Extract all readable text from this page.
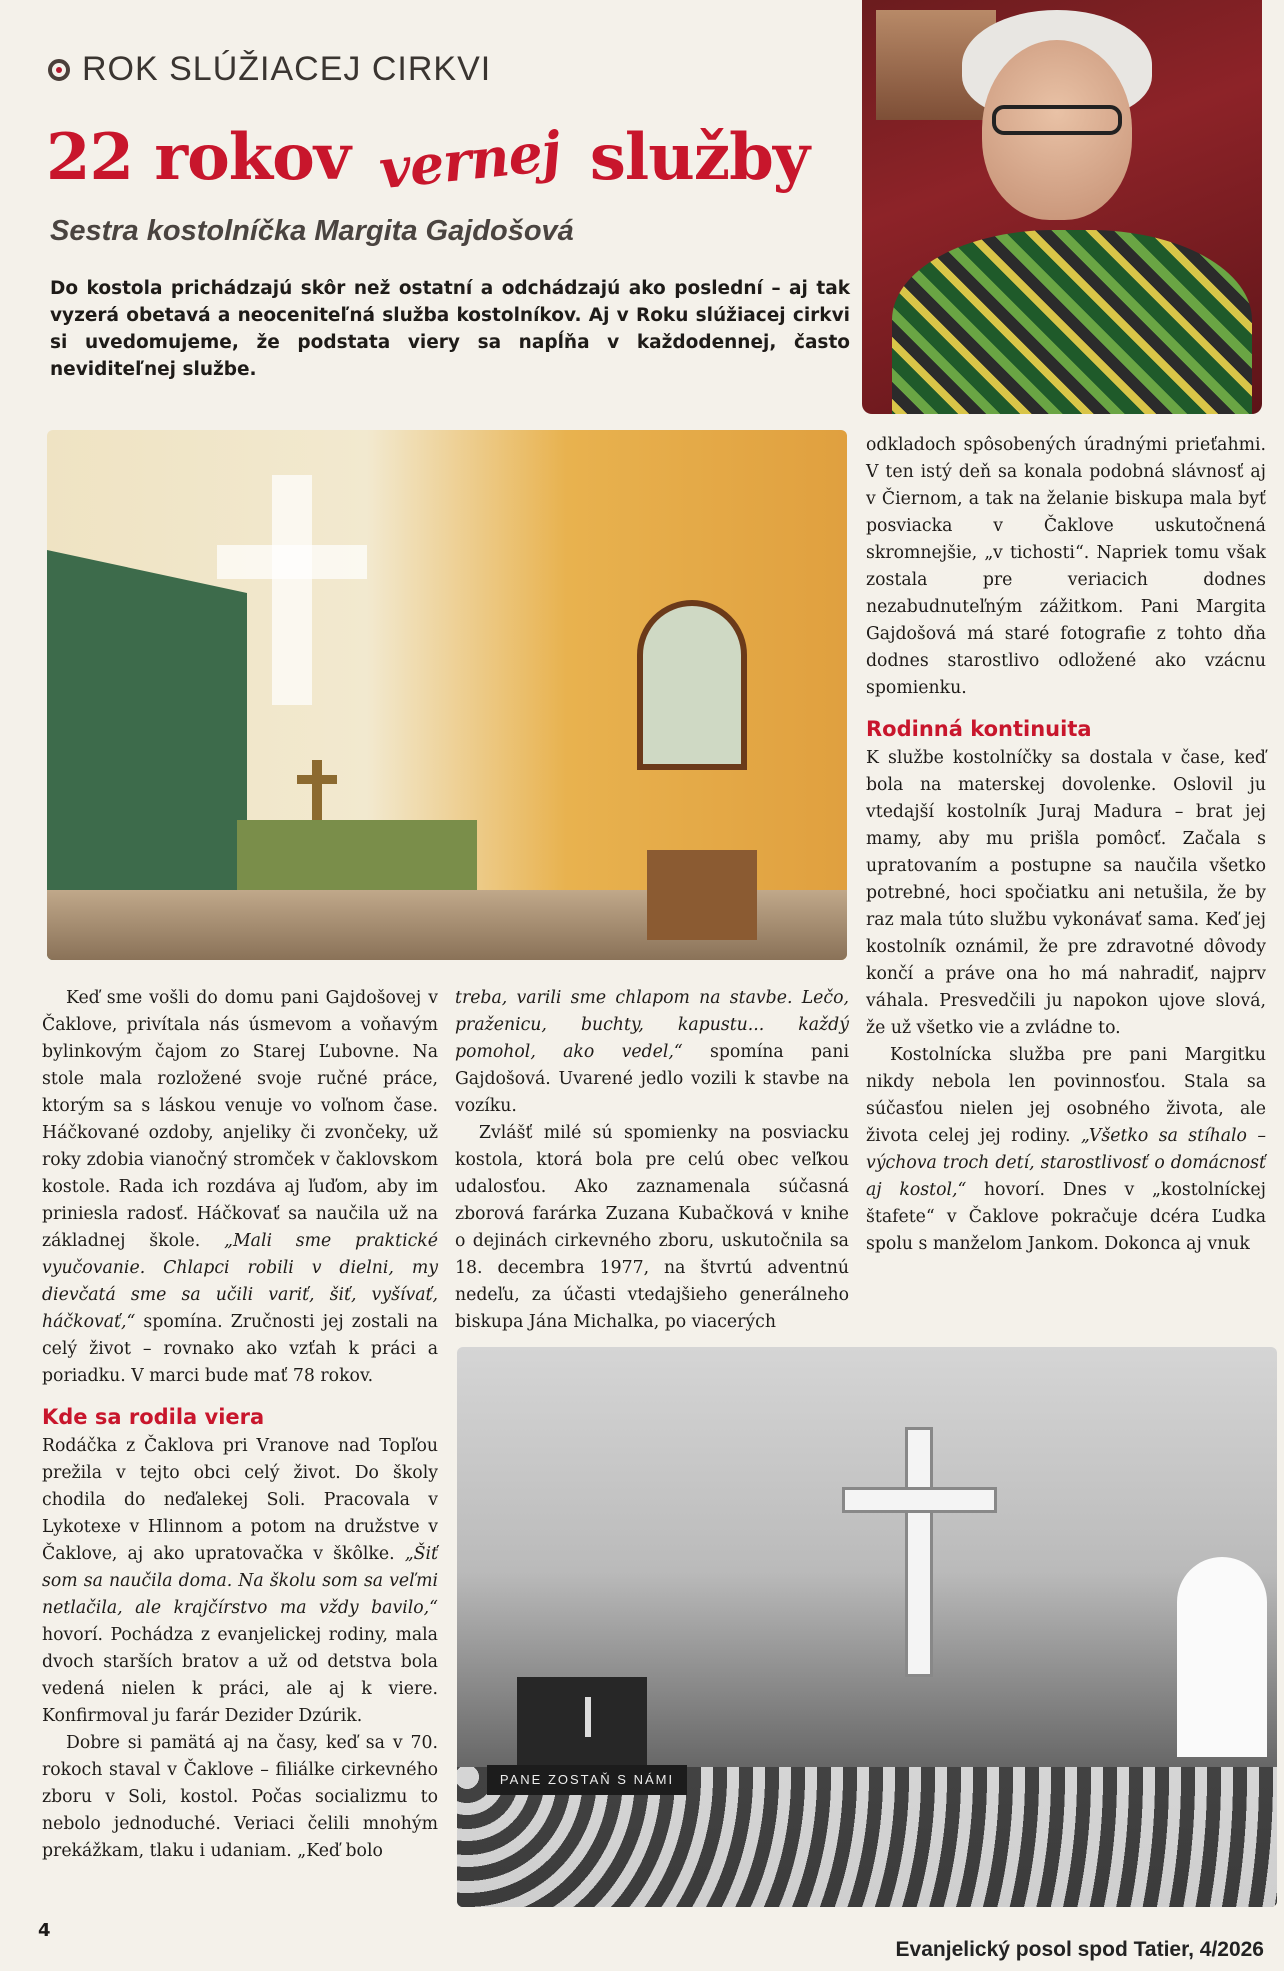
ROK SLÚŽIACEJ CIRKVI
22 rokov vernej služby
Sestra kostolníčka Margita Gajdošová
Do kostola prichádzajú skôr než ostatní a odchádzajú ako poslední – aj tak vyzerá obetavá a neoceniteľná služba kostolníkov. Aj v Roku slúžiacej cirkvi si uvedomujeme, že podstata viery sa napĺňa v každodennej, často neviditeľnej službe.

Keď sme vošli do domu pani Gajdošovej v Čaklove, privítala nás úsmevom a voňavým bylinkovým čajom zo Starej Ľubovne. Na stole mala rozložené svoje ručné práce, ktorým sa s láskou venuje vo voľnom čase. Háčkované ozdoby, anjeliky či zvončeky, už roky zdobia vianočný stromček v čaklovskom kostole. Rada ich rozdáva aj ľuďom, aby im priniesla radosť. Háčkovať sa naučila už na základnej škole. „Mali sme praktické vyučovanie. Chlapci robili v dielni, my dievčatá sme sa učili variť, šiť, vyšívať, háčkovať,“ spomína. Zručnosti jej zostali na celý život – rovnako ako vzťah k práci a poriadku. V marci bude mať 78 rokov.

Kde sa rodila viera

Rodáčka z Čaklova pri Vranove nad Topľou prežila v tejto obci celý život. Do školy chodila do neďalekej Soli. Pracovala v Lykotexe v Hlinnom a potom na družstve v Čaklove, aj ako upratovačka v škôlke. „Šiť som sa naučila doma. Na školu som sa veľmi netlačila, ale krajčírstvo ma vždy bavilo,“ hovorí. Pochádza z evanjelickej rodiny, mala dvoch starších bratov a už od detstva bola vedená nielen k práci, ale aj k viere. Konfirmoval ju farár Dezider Dzúrik.

Dobre si pamätá aj na časy, keď sa v 70. rokoch staval v Čaklove – filiálke cirkevného zboru v Soli, kostol. Počas socializmu to nebolo jednoduché. Veriaci čelili mnohým prekážkam, tlaku i udaniam. „Keď bolo

treba, varili sme chlapom na stavbe. Lečo, praženicu, buchty, kapustu... každý pomohol, ako vedel,“ spomína pani Gajdošová. Uvarené jedlo vozili k stavbe na vozíku.

Zvlášť milé sú spomienky na posviacku kostola, ktorá bola pre celú obec veľkou udalosťou. Ako zaznamenala súčasná zborová farárka Zuzana Kubačková v knihe o dejinách cirkevného zboru, uskutočnila sa 18. decembra 1977, na štvrtú adventnú nedeľu, za účasti vtedajšieho generálneho biskupa Jána Michalka, po viacerých

odkladoch spôsobených úradnými prieťahmi. V ten istý deň sa konala podobná slávnosť aj v Čiernom, a tak na želanie biskupa mala byť posviacka v Čaklove uskutočnená skromnejšie, „v tichosti“. Napriek tomu však zostala pre veriacich dodnes nezabudnuteľným zážitkom. Pani Margita Gajdošová má staré fotografie z tohto dňa dodnes starostlivo odložené ako vzácnu spomienku.

Rodinná kontinuita

K službe kostolníčky sa dostala v čase, keď bola na materskej dovolenke. Oslovil ju vtedajší kostolník Juraj Madura – brat jej mamy, aby mu prišla pomôcť. Začala s upratovaním a postupne sa naučila všetko potrebné, hoci spočiatku ani netušila, že by raz mala túto službu vykonávať sama. Keď jej kostolník oznámil, že pre zdravotné dôvody končí a práve ona ho má nahradiť, najprv váhala. Presvedčili ju napokon ujove slová, že už všetko vie a zvládne to.

Kostolnícka služba pre pani Margitku nikdy nebola len povinnosťou. Stala sa súčasťou nielen jej osobného života, ale života celej jej rodiny. „Všetko sa stíhalo – výchova troch detí, starostlivosť o domácnosť aj kostol,“ hovorí. Dnes v „kostolníckej štafete“ v Čaklove pokračuje dcéra Ľudka spolu s manželom Jankom. Dokonca aj vnuk

PANE ZOSTAŇ S NÁMI
4
Evanjelický posol spod Tatier, 4/2026
